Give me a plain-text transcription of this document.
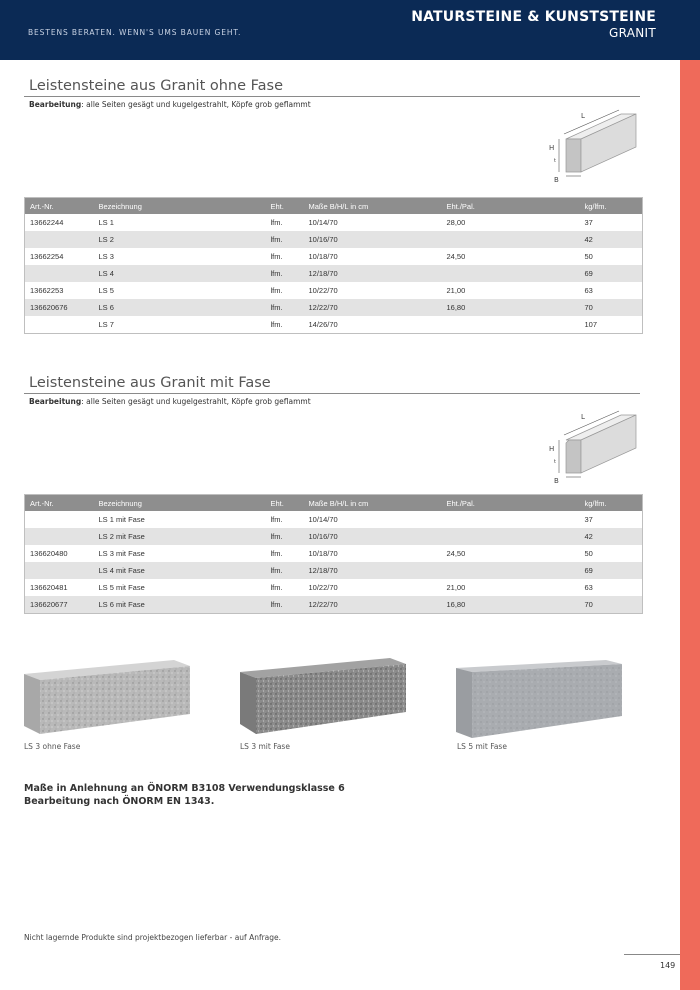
BESTENS BERATEN. WENN'S UMS BAUEN GEHT.
NATURSTEINE & KUNSTSTEINE
GRANIT
Leistensteine aus Granit ohne Fase
Bearbeitung: alle Seiten gesägt und kugelgestrahlt, Köpfe grob geflammt
L
H
t
B
Art.-Nr.	Bezeichnung	Eht.	Maße B/H/L in cm	Eht./Pal.	kg/lfm.
13662244	LS 1	lfm.	10/14/70	28,00	37
	LS 2	lfm.	10/16/70		42
13662254	LS 3	lfm.	10/18/70	24,50	50
	LS 4	lfm.	12/18/70		69
13662253	LS 5	lfm.	10/22/70	21,00	63
136620676	LS 6	lfm.	12/22/70	16,80	70
	LS 7	lfm.	14/26/70		107
Leistensteine aus Granit mit Fase
Bearbeitung: alle Seiten gesägt und kugelgestrahlt, Köpfe grob geflammt
L
H
t
B
Art.-Nr.	Bezeichnung	Eht.	Maße B/H/L in cm	Eht./Pal.	kg/lfm.
	LS 1 mit Fase	lfm.	10/14/70		37
	LS 2 mit Fase	lfm.	10/16/70		42
136620480	LS 3 mit Fase	lfm.	10/18/70	24,50	50
	LS 4 mit Fase	lfm.	12/18/70		69
136620481	LS 5 mit Fase	lfm.	10/22/70	21,00	63
136620677	LS 6 mit Fase	lfm.	12/22/70	16,80	70
LS 3 ohne Fase	LS 3 mit Fase	LS 5 mit Fase
Maße in Anlehnung an ÖNORM B3108 Verwendungsklasse 6
Bearbeitung nach ÖNORM EN 1343.
Nicht lagernde Produkte sind projektbezogen lieferbar - auf Anfrage.
149
